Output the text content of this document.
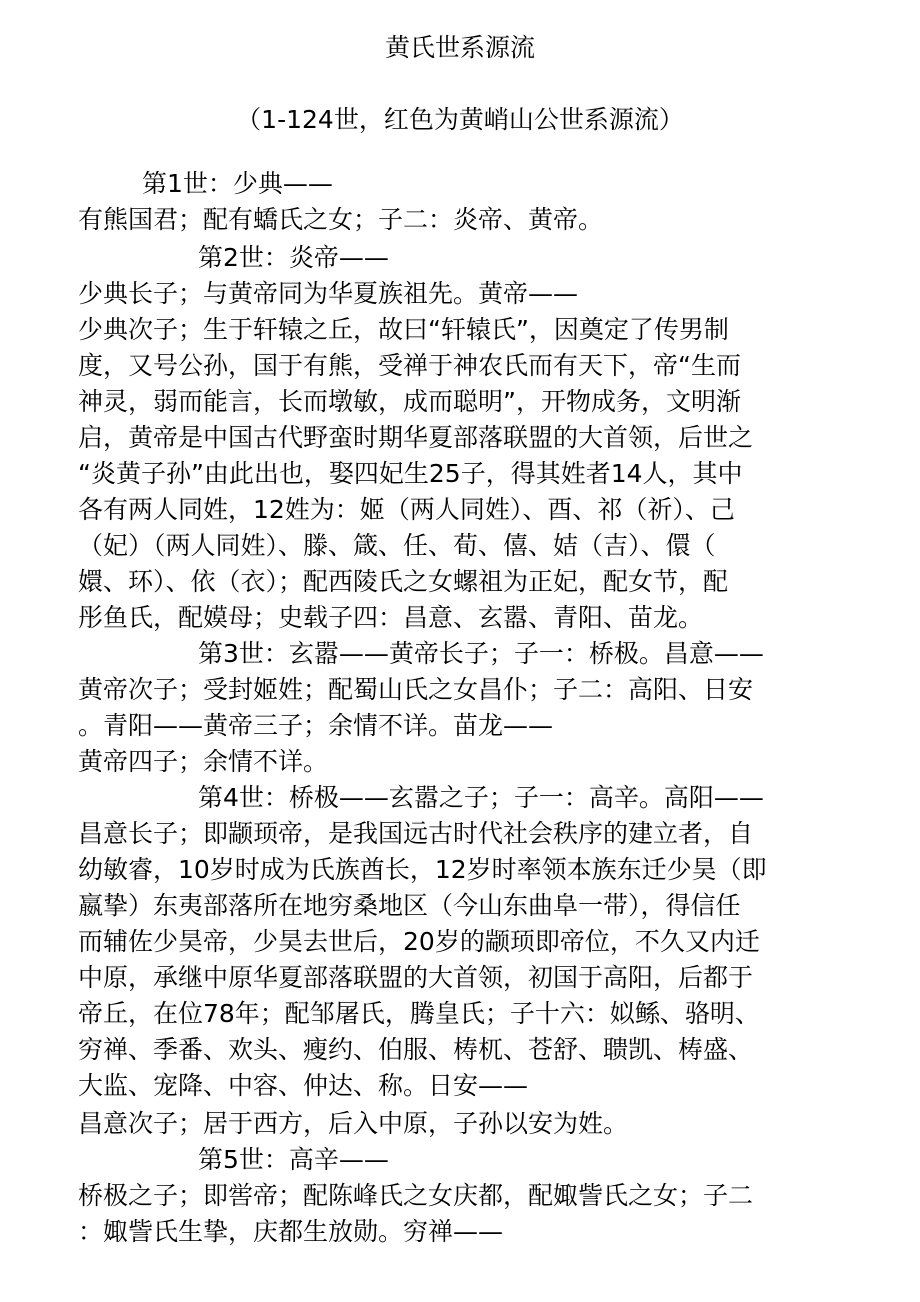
黄氏世系源流
（1-124世，红色为黄峭山公世系源流）
第1世：少典——
有熊国君；配有蟜氏之女；子二：炎帝、黄帝。
第2世：炎帝——
少典长子；与黄帝同为华夏族祖先。黄帝——
少典次子；生于轩辕之丘，故曰“轩辕氏”，因奠定了传男制
度，又号公孙，国于有熊，受禅于神农氏而有天下，帝“生而
神灵，弱而能言，长而墩敏，成而聪明”，开物成务，文明渐
启，黄帝是中国古代野蛮时期华夏部落联盟的大首领，后世之
“炎黄子孙”由此出也，娶四妃生25子，得其姓者14人，其中
各有两人同姓，12姓为：姬（两人同姓）、酉、祁（祈）、己
（妃）（两人同姓）、滕、箴、任、荀、僖、姞（吉）、儇（
嬛、环）、依（衣）；配西陵氏之女螺祖为正妃，配女节，配
彤鱼氏，配嫫母；史载子四：昌意、玄嚣、青阳、苗龙。
第3世：玄嚣——黄帝长子；子一：桥极。昌意——
黄帝次子；受封姬姓；配蜀山氏之女昌仆；子二：高阳、日安
。青阳——黄帝三子；余情不详。苗龙——
黄帝四子；余情不详。
第4世：桥极——玄嚣之子；子一：高辛。高阳——
昌意长子；即颛顼帝，是我国远古时代社会秩序的建立者，自
幼敏睿，10岁时成为氏族酋长，12岁时率领本族东迁少昊（即
嬴挚）东夷部落所在地穷桑地区（今山东曲阜一带），得信任
而辅佐少昊帝，少昊去世后，20岁的颛顼即帝位，不久又内迁
中原，承继中原华夏部落联盟的大首领，初国于高阳，后都于
帝丘，在位78年；配邹屠氏，腾皇氏；子十六：姒鲧、骆明、
穷禅、季番、欢头、瘦约、伯服、梼杌、苍舒、聩凯、梼盛、
大监、宠降、中容、仲达、称。日安——
昌意次子；居于西方，后入中原，子孙以安为姓。
第5世：高辛——
桥极之子；即喾帝；配陈峰氏之女庆都，配娵訾氏之女；子二
：娵訾氏生挚，庆都生放勋。穷禅——
